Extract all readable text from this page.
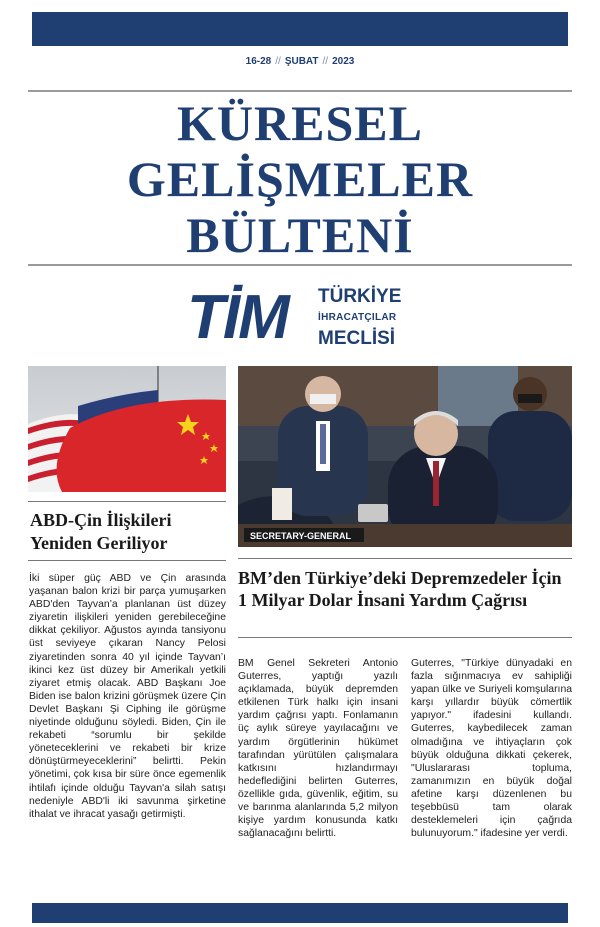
16-28 // ŞUBAT // 2023
KÜRESEL
GELİŞMELER
BÜLTENİ
TİM TÜRKİYE
İHRACATÇILAR
MECLİSİ
SECRETARY-GENERAL
ABD-Çin İlişkileri Yeniden Geriliyor
BM’den Türkiye’deki Depremzedeler İçin 1 Milyar Dolar İnsani Yardım Çağrısı
İki süper güç ABD ve Çin arasında yaşanan balon krizi bir parça yumuşarken ABD'den Tayvan’a planlanan üst düzey ziyaretin ilişkileri yeniden gerebileceğine dikkat çekiliyor. Ağustos ayında tansiyonu üst seviyeye çıkaran Nancy Pelosi ziyaretinden sonra 40 yıl içinde Tayvan’ı ikinci kez üst düzey bir Amerikalı yetkili ziyaret etmiş olacak. ABD Başkanı Joe Biden ise balon krizini görüşmek üzere Çin Devlet Başkanı Şi Ciphing ile görüşme niyetinde olduğunu söyledi. Biden, Çin ile rekabeti “sorumlu bir şekilde yöneteceklerini ve rekabeti bir krize dönüştürmeyeceklerini” belirtti. Pekin yönetimi, çok kısa bir süre önce egemenlik ihtilafı içinde olduğu Tayvan'a silah satışı nedeniyle ABD'li iki savunma şirketine ithalat ve ihracat yasağı getirmişti.
BM Genel Sekreteri Antonio Guterres, yaptığı yazılı açıklamada, büyük depremden etkilenen Türk halkı için insani yardım çağrısı yaptı. Fonlamanın üç aylık süreye yayılacağını ve yardım örgütlerinin hükümet tarafından yürütülen çalışmalara katkısını hızlandırmayı hedeflediğini belirten Guterres, özellikle gıda, güvenlik, eğitim, su ve barınma alanlarında 5,2 milyon kişiye yardım konusunda katkı sağlanacağını belirtti.
Guterres, "Türkiye dünyadaki en fazla sığınmacıya ev sahipliği yapan ülke ve Suriyeli komşularına karşı yıllardır büyük cömertlik yapıyor." ifadesini kullandı. Guterres, kaybedilecek zaman olmadığına ve ihtiyaçların çok büyük olduğuna dikkati çekerek, "Uluslararası topluma, zamanımızın en büyük doğal afetine karşı düzenlenen bu teşebbüsü tam olarak desteklemeleri için çağrıda bulunuyorum." ifadesine yer verdi.
